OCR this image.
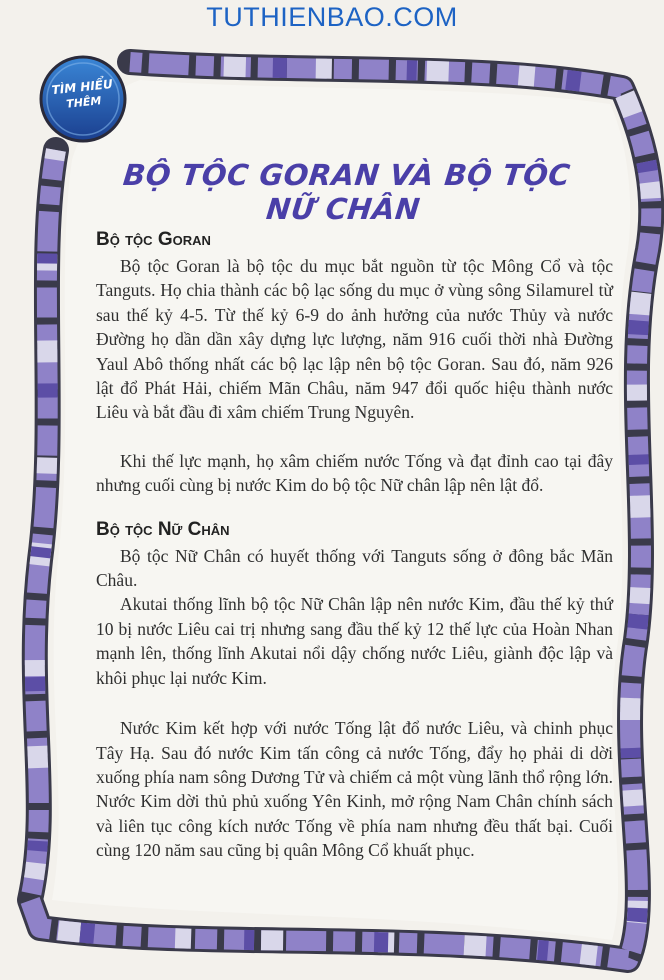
TUTHIENBAO.COM
TÌM HIỂU
THÊM
BỘ TỘC GORAN VÀ BỘ TỘC NỮ CHÂN
Bộ tộc Goran

Bộ tộc Goran là bộ tộc du mục bắt nguồn từ tộc Mông Cổ và tộc Tanguts. Họ chia thành các bộ lạc sống du mục ở vùng sông Silamurel từ sau thế kỷ 4-5. Từ thế kỷ 6-9 do ảnh hưởng của nước Thủy và nước Đường họ dần dần xây dựng lực lượng, năm 916 cuối thời nhà Đường Yaul Abô thống nhất các bộ lạc lập nên bộ tộc Goran. Sau đó, năm 926 lật đổ Phát Hải, chiếm Mãn Châu, năm 947 đổi quốc hiệu thành nước Liêu và bắt đầu đi xâm chiếm Trung Nguyên.

Khi thế lực mạnh, họ xâm chiếm nước Tống và đạt đỉnh cao tại đây nhưng cuối cùng bị nước Kim do bộ tộc Nữ chân lập nên lật đổ.

Bộ tộc Nữ Chân

Bộ tộc Nữ Chân có huyết thống với Tanguts sống ở đông bắc Mãn Châu.

Akutai thống lĩnh bộ tộc Nữ Chân lập nên nước Kim, đầu thế kỷ thứ 10 bị nước Liêu cai trị nhưng sang đầu thế kỷ 12 thế lực của Hoàn Nhan mạnh lên, thống lĩnh Akutai nổi dậy chống nước Liêu, giành độc lập và khôi phục lại nước Kim.

Nước Kim kết hợp với nước Tống lật đổ nước Liêu, và chinh phục Tây Hạ. Sau đó nước Kim tấn công cả nước Tống, đẩy họ phải di dời xuống phía nam sông Dương Tử và chiếm cả một vùng lãnh thổ rộng lớn. Nước Kim dời thủ phủ xuống Yên Kinh, mở rộng Nam Chân chính sách và liên tục công kích nước Tống về phía nam nhưng đều thất bại. Cuối cùng 120 năm sau cũng bị quân Mông Cổ khuất phục.
